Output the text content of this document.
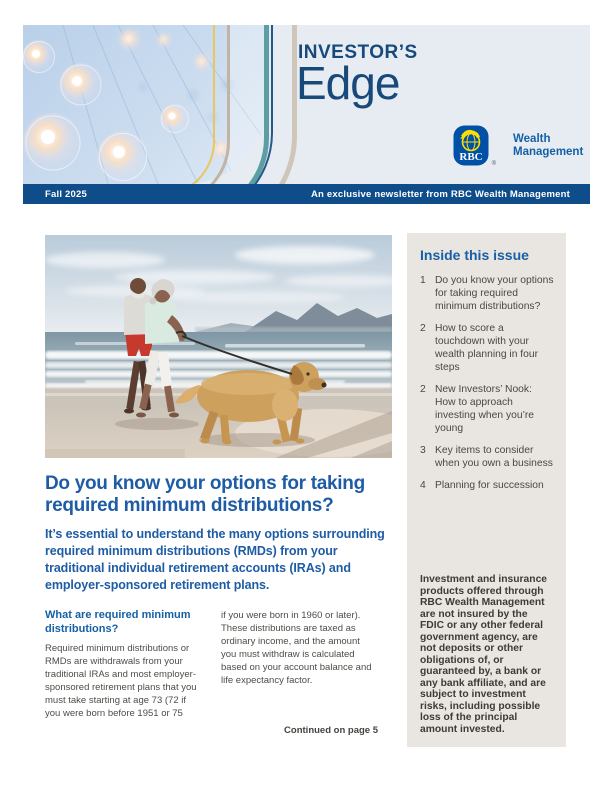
INVESTOR’S
Edge
RBC
®
Wealth
Management
Fall 2025	An exclusive newsletter from RBC Wealth Management
Inside this issue
1 Do you know your options for taking required minimum distributions?
2 How to score a touchdown with your wealth planning in four steps
2 New Investors’ Nook: How to approach investing when you’re young
3 Key items to consider when you own a business
4 Planning for succession
Investment and insurance products offered through RBC Wealth Management are not insured by the FDIC or any other federal government agency, are not deposits or other obligations of, or guaranteed by, a bank or any bank affiliate, and are subject to investment risks, including possible loss of the principal amount invested.
Do you know your options for taking required minimum distributions?

It’s essential to understand the many options surrounding required minimum distributions (RMDs) from your traditional individual retirement accounts (IRAs) and employer-sponsored retirement plans.

What are required minimum distributions?

Required minimum distributions or RMDs are withdrawals from your traditional IRAs and most employer-sponsored retirement plans that you must take starting at age 73 (72 if you were born before 1951 or 75

if you were born in 1960 or later). These distributions are taxed as ordinary income, and the amount you must withdraw is calculated based on your account balance and life expectancy factor.

Continued on page 5
